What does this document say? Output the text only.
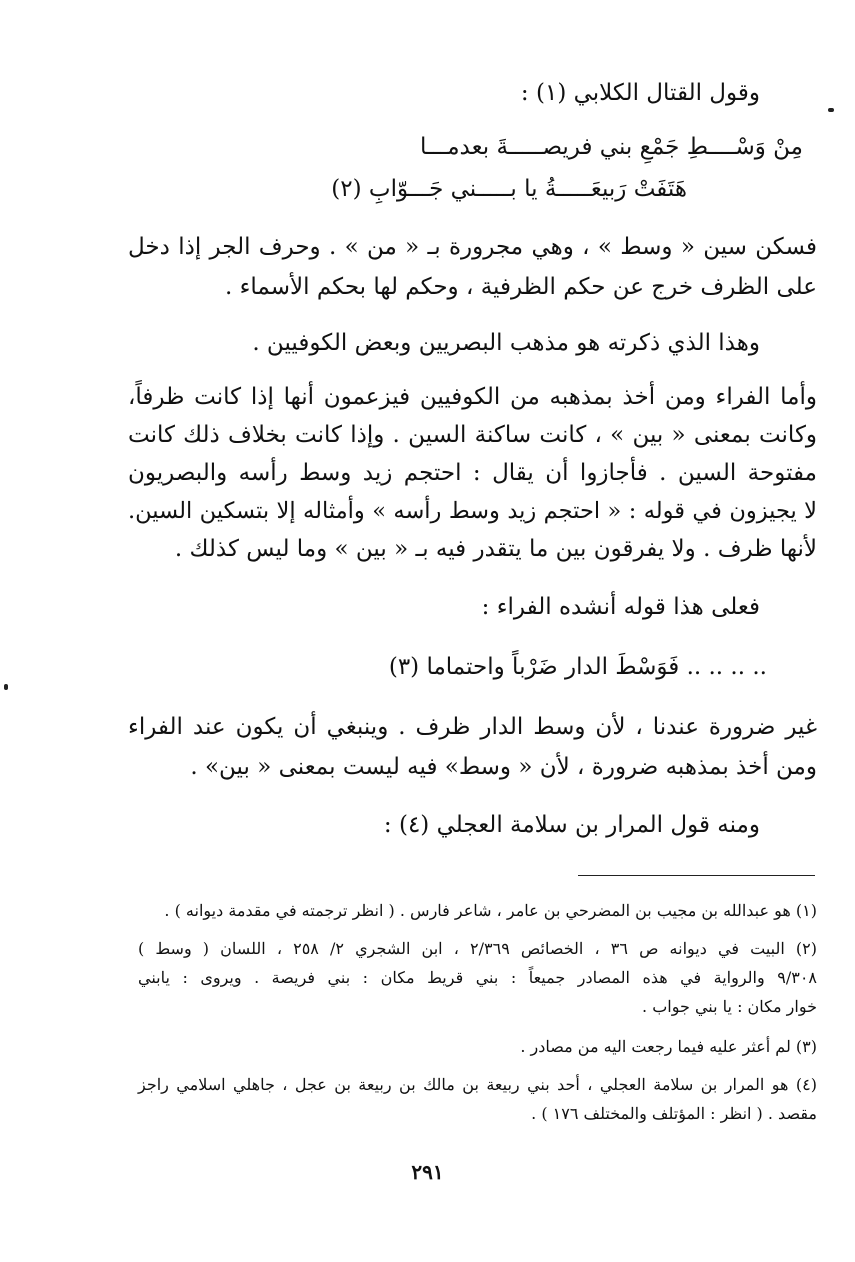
وقول القتال الكلابي (١) :
مِنْ وَسْــــطِ جَمْعِ بني فريصـــــةَ بعدمـــا
هَتَفَتْ رَبيعَـــــةُ يا بـــــني جَـــوّابِ (٢)
فسكن سين « وسط » ، وهي مجرورة بـ « من » . وحرف الجر إذا دخل
على الظرف خرج عن حكم الظرفية ، وحكم لها بحكم الأسماء .
وهذا الذي ذكرته هو مذهب البصريين وبعض الكوفيين .
وأما الفراء ومن أخذ بمذهبه من الكوفيين فيزعمون أنها إذا كانت ظرفاً،
وكانت بمعنى « بين » ، كانت ساكنة السين . وإذا كانت بخلاف ذلك كانت
مفتوحة السين . فأجازوا أن يقال : احتجم زيد وسط رأسه والبصريون
لا يجيزون في قوله : « احتجم زيد وسط رأسه » وأمثاله إلا بتسكين السين.
لأنها ظرف . ولا يفرقون بين ما يتقدر فيه بـ « بين » وما ليس كذلك .
فعلى هذا قوله أنشده الفراء :
.. .. .. .. فَوَسْطَ الدار ضَرْباً واحتماما (٣)
غير ضرورة عندنا ، لأن وسط الدار ظرف . وينبغي أن يكون عند الفراء
ومن أخذ بمذهبه ضرورة ، لأن « وسط» فيه ليست بمعنى « بين» .
ومنه قول المرار بن سلامة العجلي (٤) :
(١) هو عبدالله بن مجيب بن المضرحي بن عامر ، شاعر فارس . ( انظر ترجمته في مقدمة ديوانه ) .
(٢) البيت في ديوانه ص ٣٦ ، الخصائص ٢/٣٦٩ ، ابن الشجري ٢/ ٢٥٨ ، اللسان ( وسط )
٩/٣٠٨ والرواية في هذه المصادر جميعاً : بني قريط مكان : بني فريصة . ويروى : يابني
خوار مكان : يا بني جواب .
(٣) لم أعثر عليه فيما رجعت اليه من مصادر .
(٤) هو المرار بن سلامة العجلي ، أحد بني ربيعة بن مالك بن ربيعة بن عجل ، جاهلي اسلامي راجز
مقصد . ( انظر : المؤتلف والمختلف ١٧٦ ) .
٢٩١
